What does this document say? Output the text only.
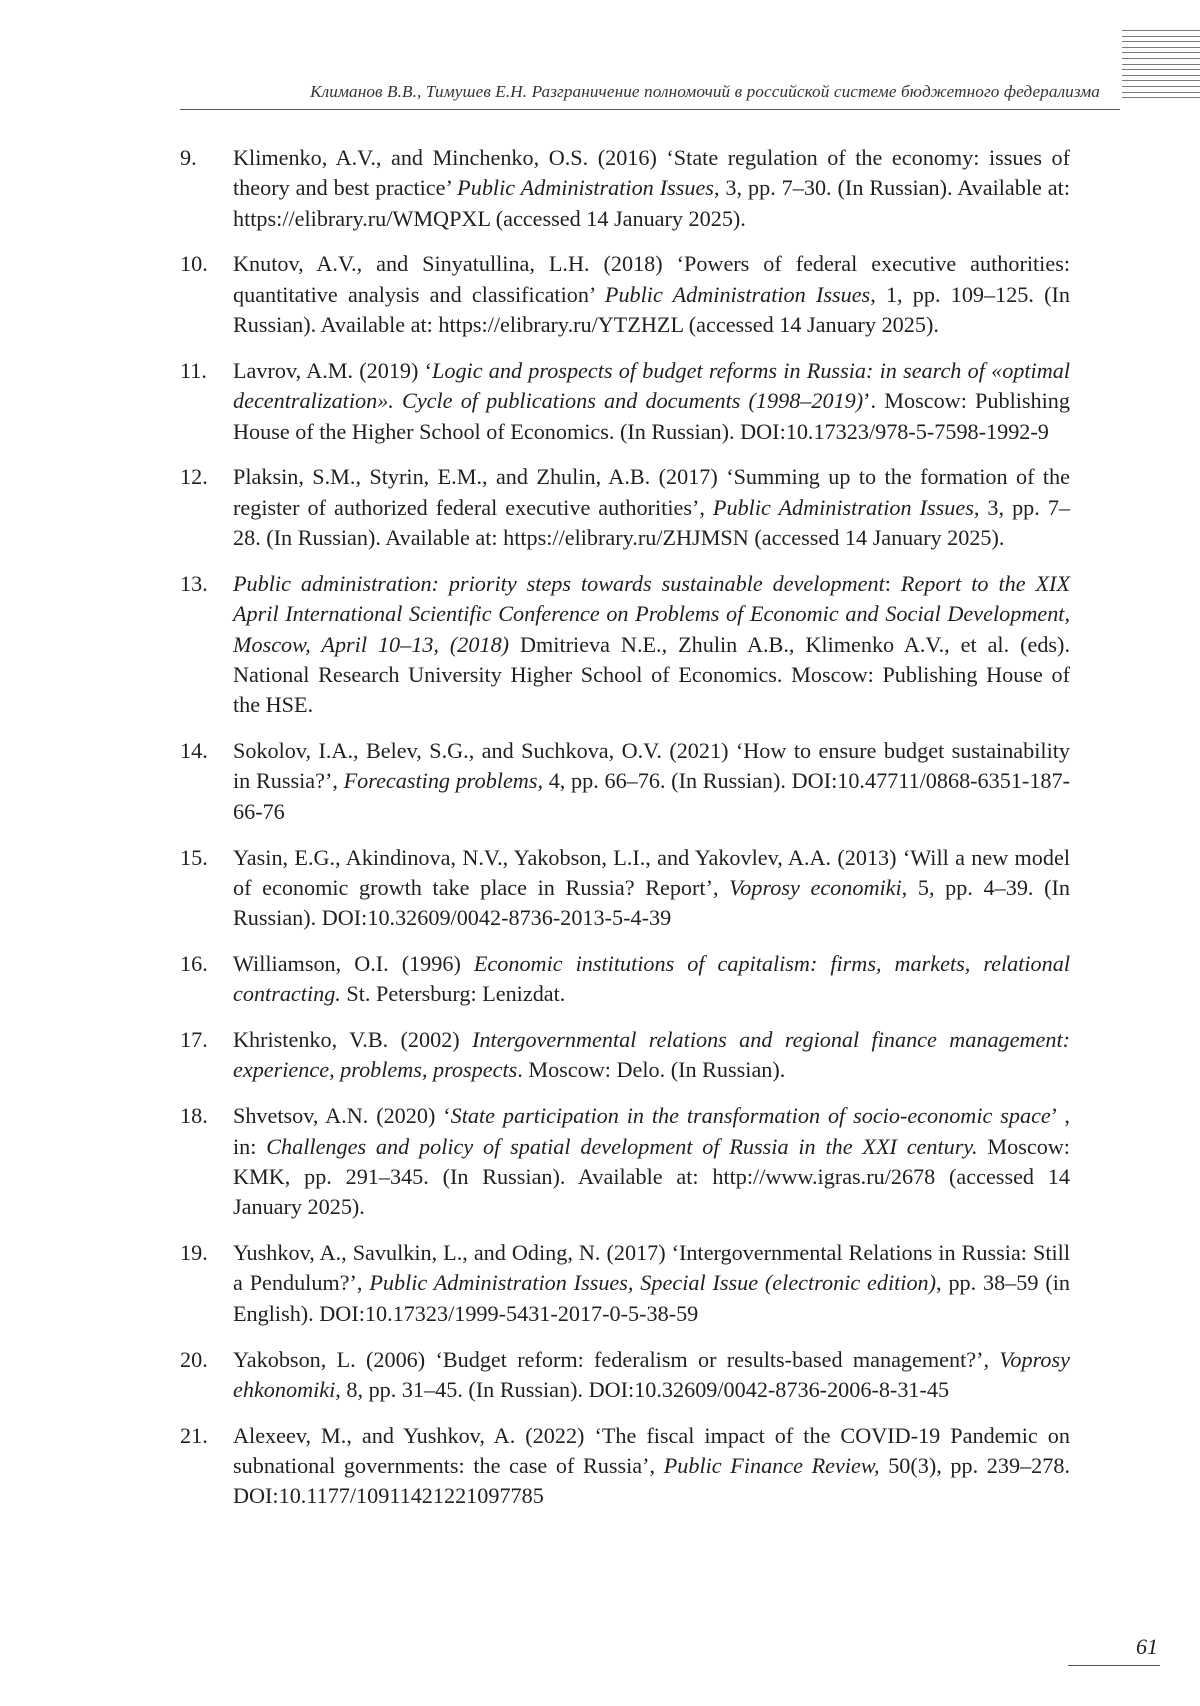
Климанов В.В., Тимушев Е.Н. Разграничение полномочий в российской системе бюджетного федерализма
9. Klimenko, A.V., and Minchenko, O.S. (2016) ‘State regulation of the economy: issues of theory and best practice’ Public Administration Issues, 3, pp. 7–30. (In Russian). Available at: https://elibrary.ru/WMQPXL (accessed 14 January 2025).
10. Knutov, A.V., and Sinyatullina, L.H. (2018) ‘Powers of federal executive authorities: quantitative analysis and classification’ Public Administration Issues, 1, pp. 109–125. (In Russian). Available at: https://elibrary.ru/YTZHZL (accessed 14 January 2025).
11. Lavrov, A.M. (2019) ‘Logic and prospects of budget reforms in Russia: in search of «optimal decentralization». Cycle of publications and documents (1998–2019)’. Moscow: Publishing House of the Higher School of Economics. (In Russian). DOI:10.17323/978-5-7598-1992-9
12. Plaksin, S.M., Styrin, E.M., and Zhulin, A.B. (2017) ‘Summing up to the formation of the register of authorized federal executive authorities’, Public Administration Issues, 3, pp. 7–28. (In Russian). Available at: https://elibrary.ru/ZHJMSN (accessed 14 January 2025).
13. Public administration: priority steps towards sustainable development: Report to the XIX April International Scientific Conference on Problems of Economic and Social Development, Moscow, April 10–13, (2018) Dmitrieva N.E., Zhulin A.B., Klimenko A.V., et al. (eds). National Research University Higher School of Economics. Moscow: Publishing House of the HSE.
14. Sokolov, I.A., Belev, S.G., and Suchkova, O.V. (2021) ‘How to ensure budget sustainability in Russia?’, Forecasting problems, 4, pp. 66–76. (In Russian). DOI:10.47711/0868-6351-187-66-76
15. Yasin, E.G., Akindinova, N.V., Yakobson, L.I., and Yakovlev, A.A. (2013) ‘Will a new model of economic growth take place in Russia? Report’, Voprosy economiki, 5, pp. 4–39. (In Russian). DOI:10.32609/0042-8736-2013-5-4-39
16. Williamson, O.I. (1996) Economic institutions of capitalism: firms, markets, relational contracting. St. Petersburg: Lenizdat.
17. Khristenko, V.B. (2002) Intergovernmental relations and regional finance management: experience, problems, prospects. Moscow: Delo. (In Russian).
18. Shvetsov, A.N. (2020) ‘State participation in the transformation of socio-economic space’ , in: Challenges and policy of spatial development of Russia in the XXI century. Moscow: KMK, pp. 291–345. (In Russian). Available at: http://www.igras.ru/2678 (accessed 14 January 2025).
19. Yushkov, A., Savulkin, L., and Oding, N. (2017) ‘Intergovernmental Relations in Russia: Still a Pendulum?’, Public Administration Issues, Special Issue (electronic edition), pp. 38–59 (in English). DOI:10.17323/1999-5431-2017-0-5-38-59
20. Yakobson, L. (2006) ‘Budget reform: federalism or results-based management?’, Voprosy ehkonomiki, 8, pp. 31–45. (In Russian). DOI:10.32609/0042-8736-2006-8-31-45
21. Alexeev, M., and Yushkov, A. (2022) ‘The fiscal impact of the COVID-19 Pandemic on subnational governments: the case of Russia’, Public Finance Review, 50(3), pp. 239–278. DOI:10.1177/10911421221097785
61
